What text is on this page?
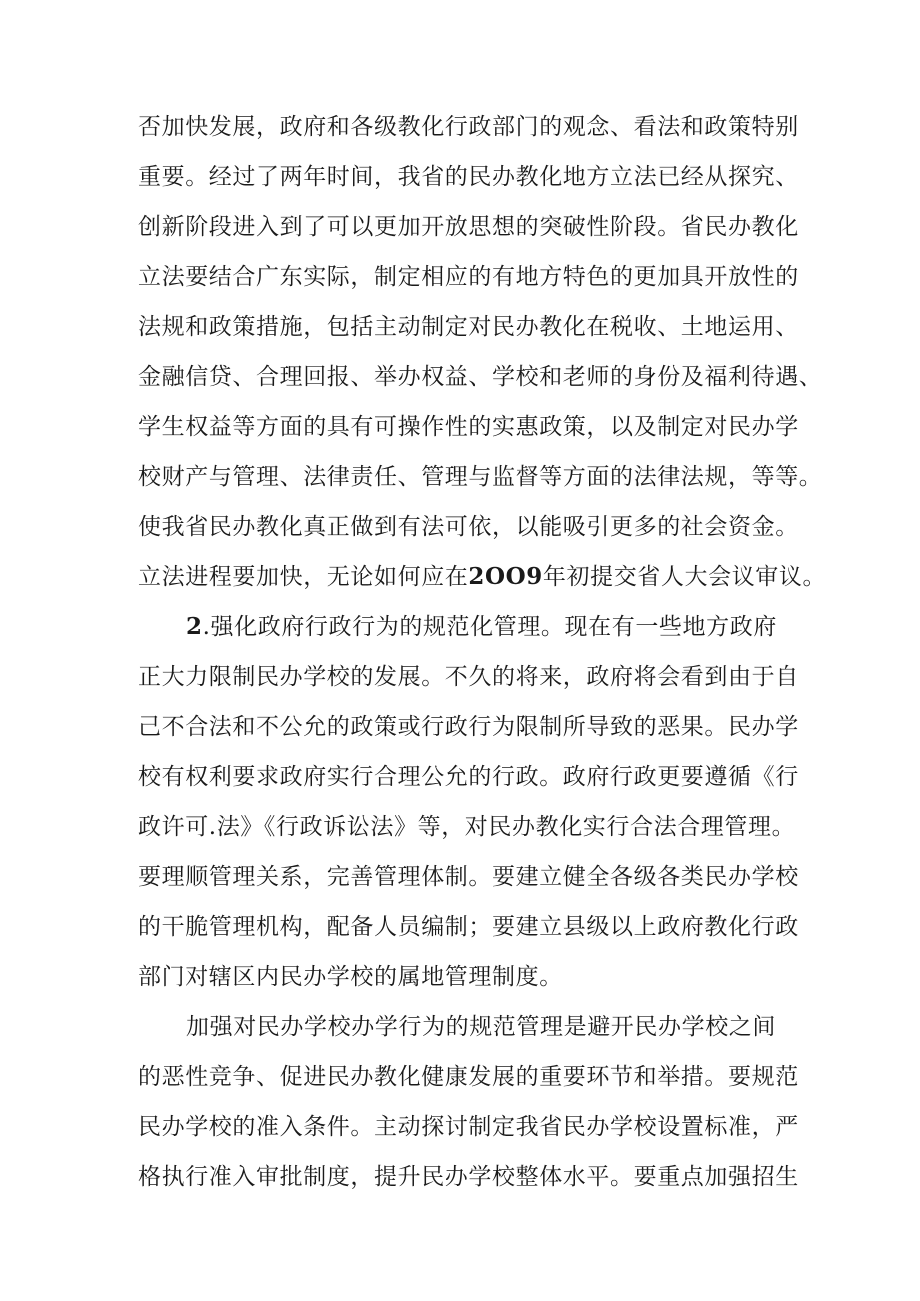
否加快发展，政府和各级教化行政部门的观念、看法和政策特别
重要。经过了两年时间，我省的民办教化地方立法已经从探究、
创新阶段进入到了可以更加开放思想的突破性阶段。省民办教化
立法要结合广东实际，制定相应的有地方特色的更加具开放性的
法规和政策措施，包括主动制定对民办教化在税收、土地运用、
金融信贷、合理回报、举办权益、学校和老师的身份及福利待遇、
学生权益等方面的具有可操作性的实惠政策，以及制定对民办学
校财产与管理、法律责任、管理与监督等方面的法律法规，等等。
使我省民办教化真正做到有法可依，以能吸引更多的社会资金。
立法进程要加快，无论如何应在2OO9年初提交省人大会议审议。
2.强化政府行政行为的规范化管理。现在有一些地方政府
正大力限制民办学校的发展。不久的将来，政府将会看到由于自
己不合法和不公允的政策或行政行为限制所导致的恶果。民办学
校有权利要求政府实行合理公允的行政。政府行政更要遵循《行
政许可.法》《行政诉讼法》等，对民办教化实行合法合理管理。
要理顺管理关系，完善管理体制。要建立健全各级各类民办学校
的干脆管理机构，配备人员编制；要建立县级以上政府教化行政
部门对辖区内民办学校的属地管理制度。
加强对民办学校办学行为的规范管理是避开民办学校之间
的恶性竞争、促进民办教化健康发展的重要环节和举措。要规范
民办学校的准入条件。主动探讨制定我省民办学校设置标准，严
格执行准入审批制度，提升民办学校整体水平。要重点加强招生
